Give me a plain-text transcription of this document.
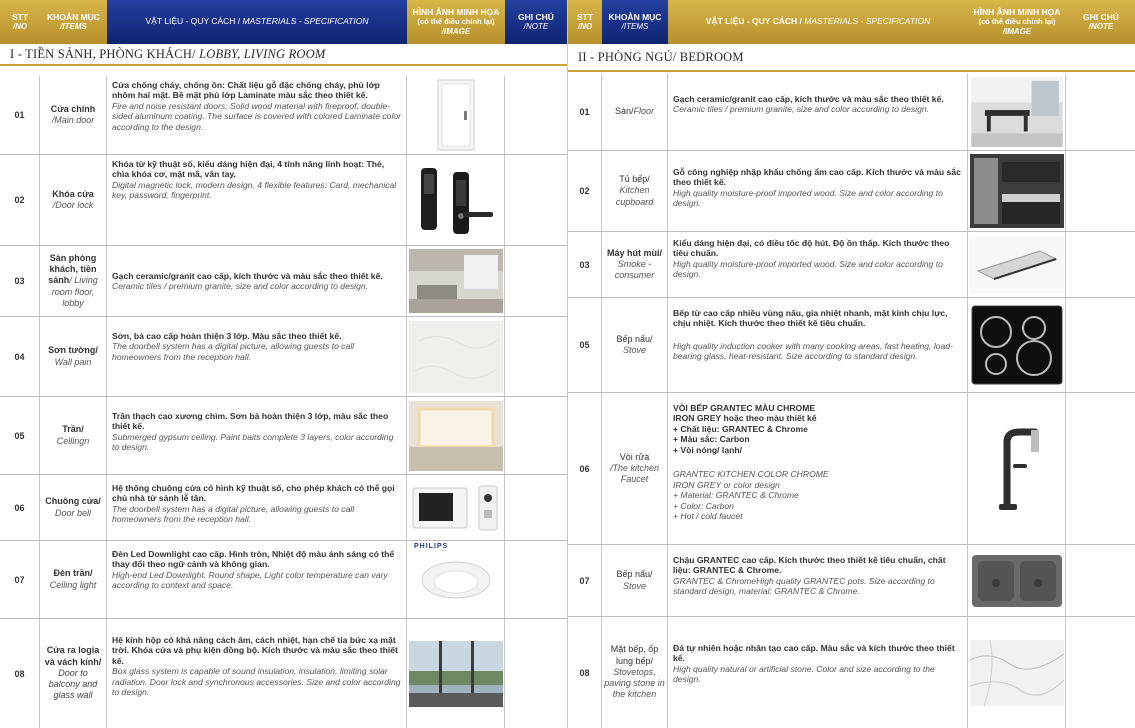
STT
/NO
KHOẢN MỤC
/ITEMS
VẬT LIỆU - QUY CÁCH /
MASTERIALS - SPECIFICATION
HÌNH ẢNH MINH HỌA
(có thể điều chỉnh lại)
/IMAGE
GHI CHÚ
/NOTE
I - TIỀN SẢNH, PHÒNG KHÁCH/
LOBBY, LIVING ROOM
01
Cửa chính
/Main door
Cửa chống cháy, chống ồn: Chất liệu gỗ đặc chống cháy, phủ lớp nhôm hai mặt. Bề mặt phủ lớp Laminate màu sắc theo thiết kế.
Fire and noise resistant doors: Solid wood material with fireproof, double-sided aluminum coating. The surface is covered with colored Laminate color according to the design.
02
Khóa cửa
/Door lock
Khóa từ kỹ thuật số, kiểu dáng hiện đại, 4 tính năng linh hoạt: Thẻ, chìa khóa cơ, mật mã, vân tay.
Digital magnetic lock, modern design, 4 flexible features: Card, mechanical key, password, fingerprint.
03
Sàn phòng khách, tiền sảnh/ Living room floor, lobby
Gạch ceramic/granit cao cấp, kích thước và màu sắc theo thiết kế.
Ceramic tiles / premium granite, size and color according to design.
04
Sơn tường/
Wall pain
Sơn, bả cao cấp hoàn thiện 3 lớp. Màu sắc theo thiết kế.
The doorbell system has a digital picture, allowing guests to call homeowners from the reception hall.
05
Trần/
Cellingn
Trần thạch cao xương chìm. Sơn bả hoàn thiện 3 lớp, màu sắc theo thiết kế.
Submerged gypsum ceiling. Paint baits complete 3 layers, color according to design.
06
Chuông cửa/
Door bell
Hệ thống chuông cửa có hình kỹ thuật số, cho phép khách có thể gọi chủ nhà từ sảnh lễ tân.
The doorbell system has a digital picture, allowing guests to call homeowners from the reception hall.
07
Đèn trần/
Ceiling light
Đèn Led Downlight cao cấp. Hình tròn, Nhiệt độ màu ánh sáng có thể thay đổi theo ngữ cảnh và không gian.
High-end Led Downlight. Round shape, Light color temperature can vary according to context and space.
PHILIPS
08
Cửa ra logia và vách kính/
Door to balcony and glass wall
Hệ kính hộp có khả năng cách âm, cách nhiệt, hạn chế tia bức xạ mặt trời. Khóa cửa và phụ kiện đồng bộ. Kích thước và màu sắc theo thiết kế.
Box glass system is capable of sound insulation, insulation, limiting solar radiation. Door lock and synchronous accessories. Size and color according to design.
STT
/NO
KHOẢN MỤC
/ITEMS
VẬT LIỆU - QUY CÁCH /
MASTERIALS - SPECIFICATION
HÌNH ẢNH MINH HỌA
(có thể điều chỉnh lại)
/IMAGE
GHI CHÚ
/NOTE
II - PHÒNG NGỦ/ BEDROOM
01	Sàn/ Floor
Gạch ceramic/granit cao cấp, kích thước và màu sắc theo thiết kế.
Ceramic tiles / premium granite, size and color according to design.
02
Tủ bếp/
Kitchen cupboard
Gỗ công nghiệp nhập khẩu chống ẩm cao cấp. Kích thước và màu sắc theo thiết kế.
High quality moisture-proof imported wood. Size and color according to design.
03
Máy hút mùi/
Smoke - consumer
Kiểu dáng hiện đại, có điều tốc độ hút. Độ ồn thấp. Kích thước theo tiêu chuẩn.
High quality moisture-proof imported wood. Size and color according to design.
05
Bếp nấu/
Stove
Bếp từ cao cấp nhiều vùng nấu, gia nhiệt nhanh, mặt kính chịu lực, chịu nhiệt. Kích thước theo thiết kế tiêu chuẩn.
High quality induction cooker with many cooking areas, fast heating, load-bearing glass, heat-resistant. Size according to standard design.
06
Vòi rửa
/The kitchen Faucet
VÒI BẾP GRANTEC MÀU CHROME
IRON GREY hoặc theo màu thiết kế
+ Chất liệu: GRANTEC & Chrome
+ Màu sắc: Carbon
+ Vòi nóng/ lạnh/
GRANTEC KITCHEN COLOR CHROME
IRON GREY or color design
+ Material: GRANTEC & Chrome
+ Color: Carbon
+ Hot / cold faucet
07
Bếp nấu/
Stove
Chậu GRANTEC cao cấp. Kích thước theo thiết kế tiêu chuẩn, chất liệu: GRANTEC & Chrome.
GRANTEC & ChromeHigh quality GRANTEC pots. Size according to standard design, material: GRANTEC & Chrome.
08
Mặt bếp, ốp lung bếp/
Stovetops, paving stone in the kitchen
Đá tự nhiên hoặc nhân tạo cao cấp. Màu sắc và kích thước theo thiết kế.
High quality natural or artificial stone. Color and size according to the design.
